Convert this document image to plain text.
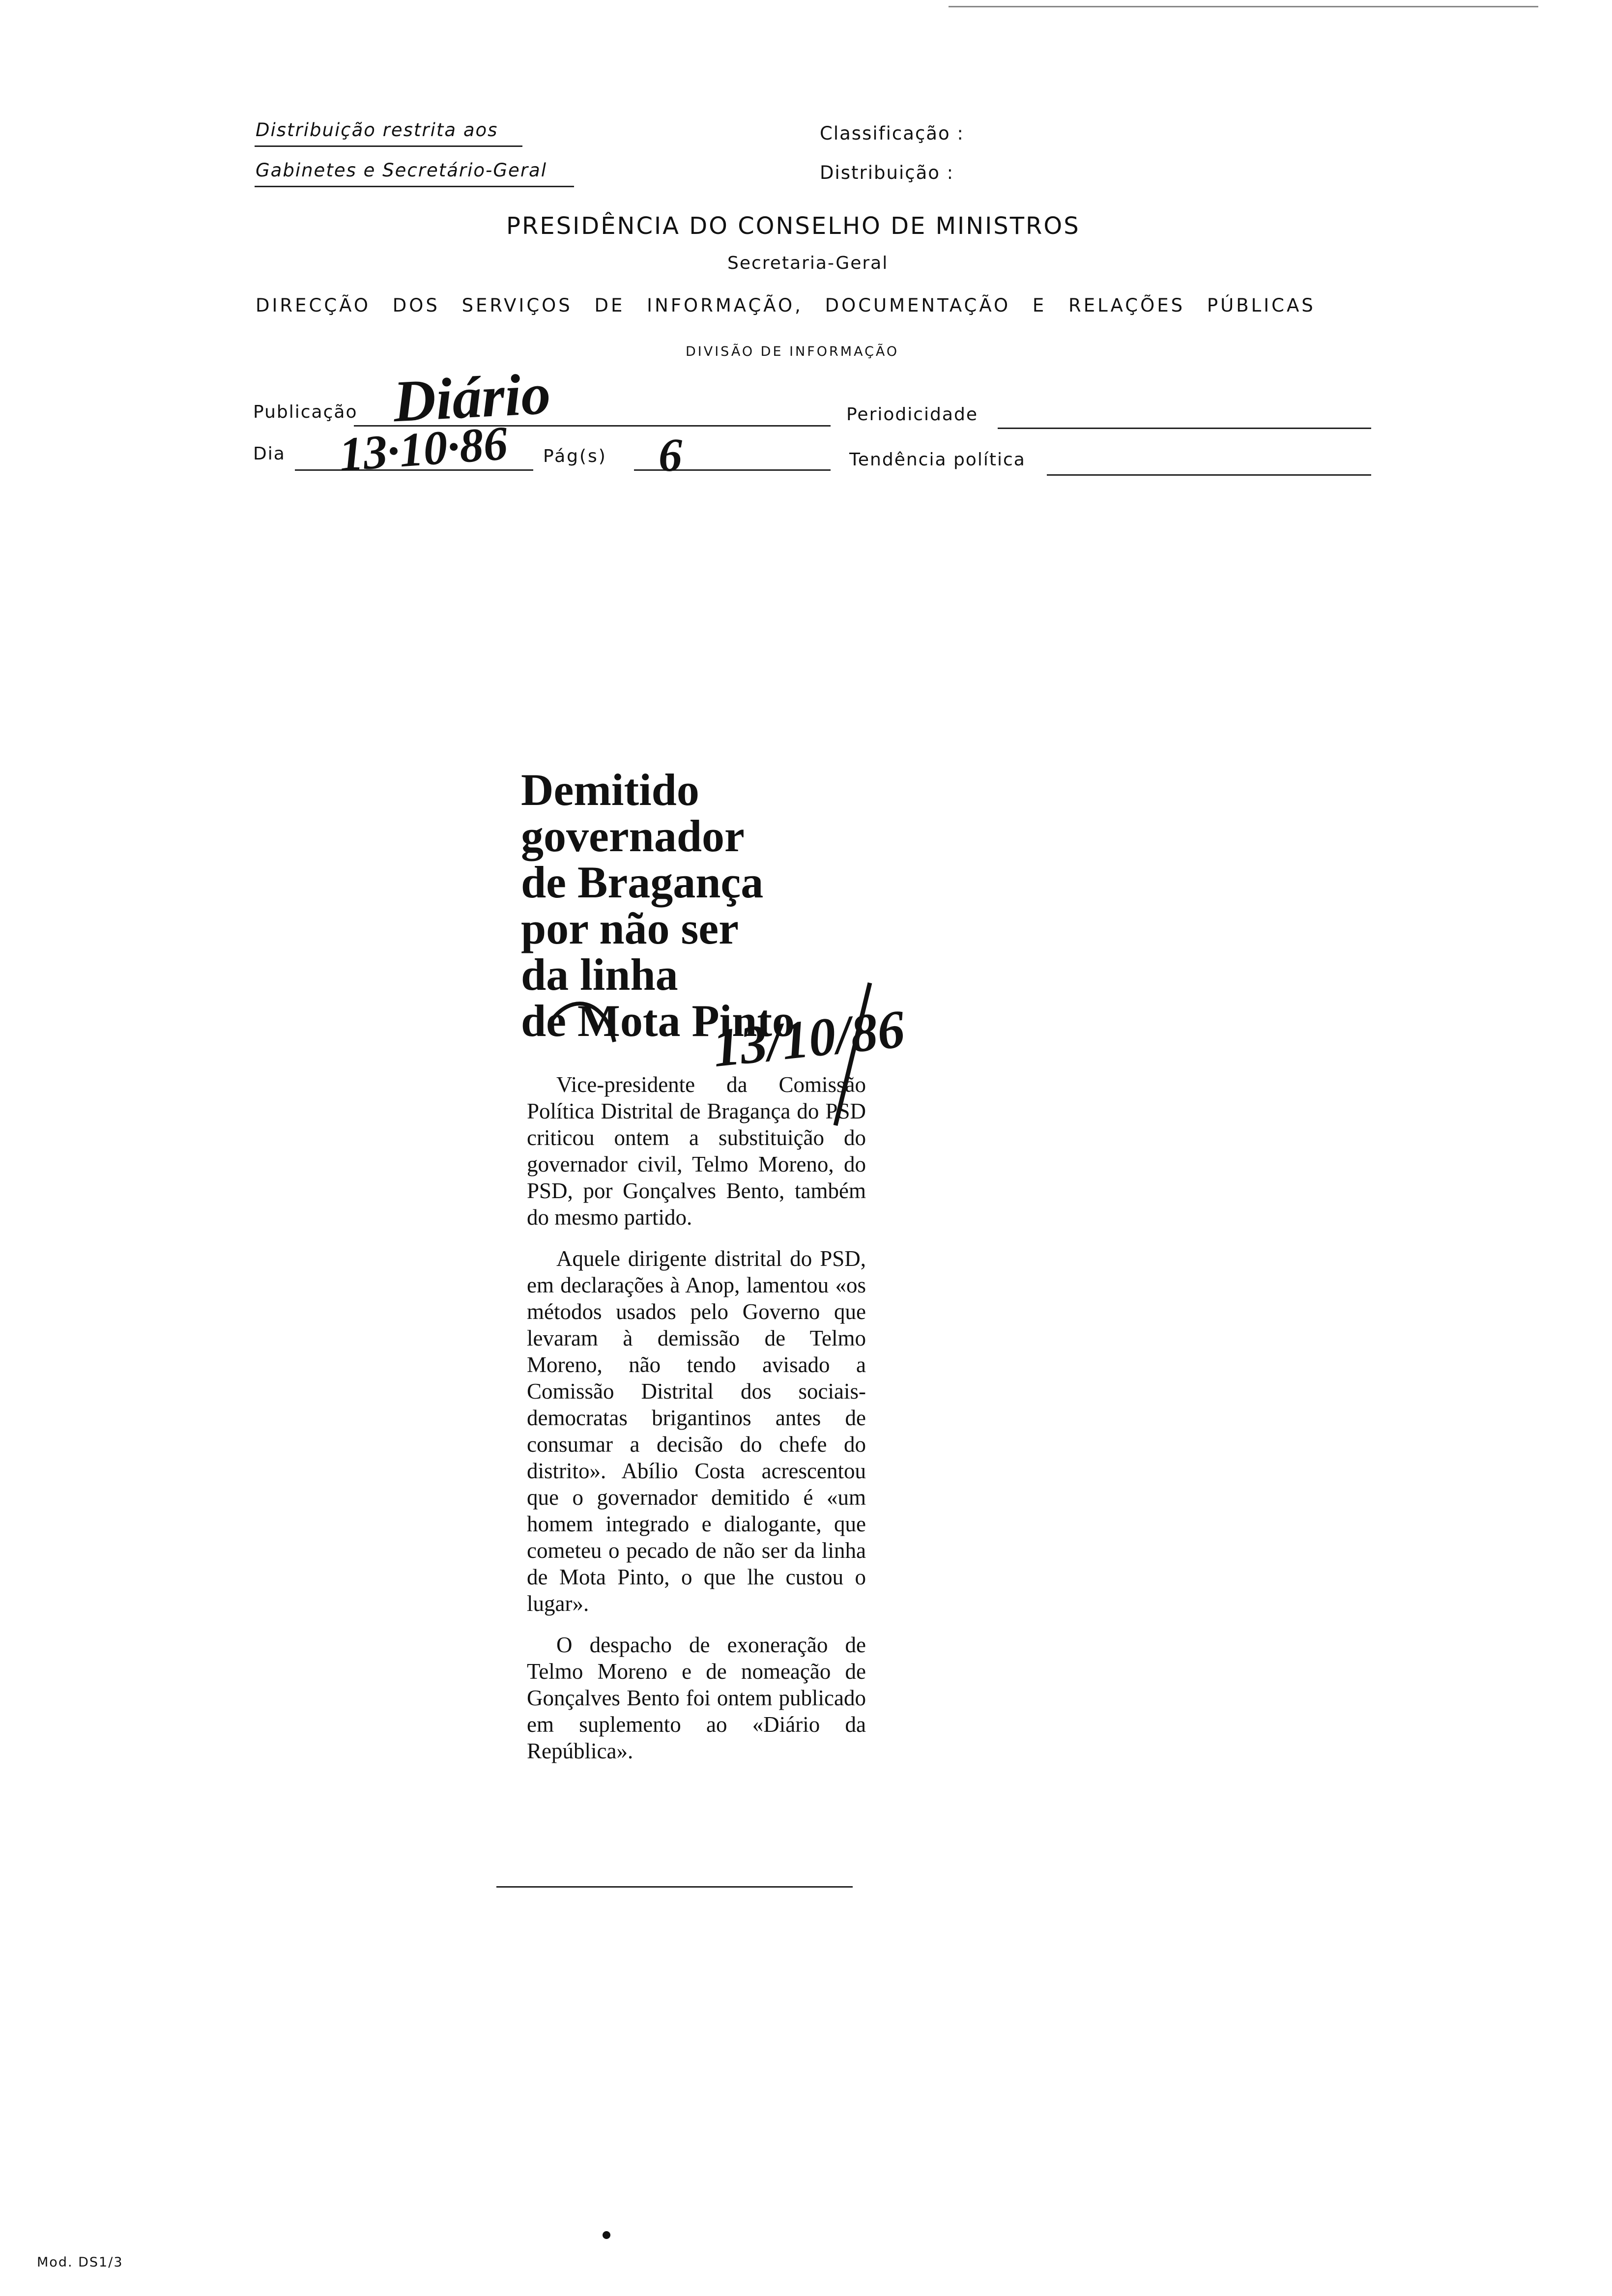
Distribuição restrita aos
Gabinetes e Secretário-Geral
Classificação :
Distribuição :
PRESIDÊNCIA DO CONSELHO DE MINISTROS
Secretaria-Geral
DIRECÇÃO DOS SERVIÇOS DE INFORMAÇÃO, DOCUMENTAÇÃO E RELAÇÕES PÚBLICAS
DIVISÃO DE INFORMAÇÃO
Publicação Diário	Periodicidade
Dia 13·10·86 Pág(s) 6	Tendência política

Demitido

governador

de Bragança

por não ser

da linha

de Mota Pinto

13/10/86

Vice-presidente da Comissão Política Distrital de Bragança do PSD criticou ontem a substituição do governador civil, Telmo Moreno, do PSD, por Gonçalves Bento, também do mesmo partido.

Aquele dirigente distrital do PSD, em declarações à Anop, lamentou «os métodos usados pelo Governo que levaram à demissão de Telmo Moreno, não tendo avisado a Comissão Distrital dos sociais-democratas brigantinos antes de consumar a decisão do chefe do distrito». Abílio Costa acrescentou que o governador demitido é «um homem integrado e dialogante, que cometeu o pecado de não ser da linha de Mota Pinto, o que lhe custou o lugar».

O despacho de exoneração de Telmo Moreno e de nomeação de Gonçalves Bento foi ontem publicado em suplemento ao «Diário da República».

Mod. DS1/3
